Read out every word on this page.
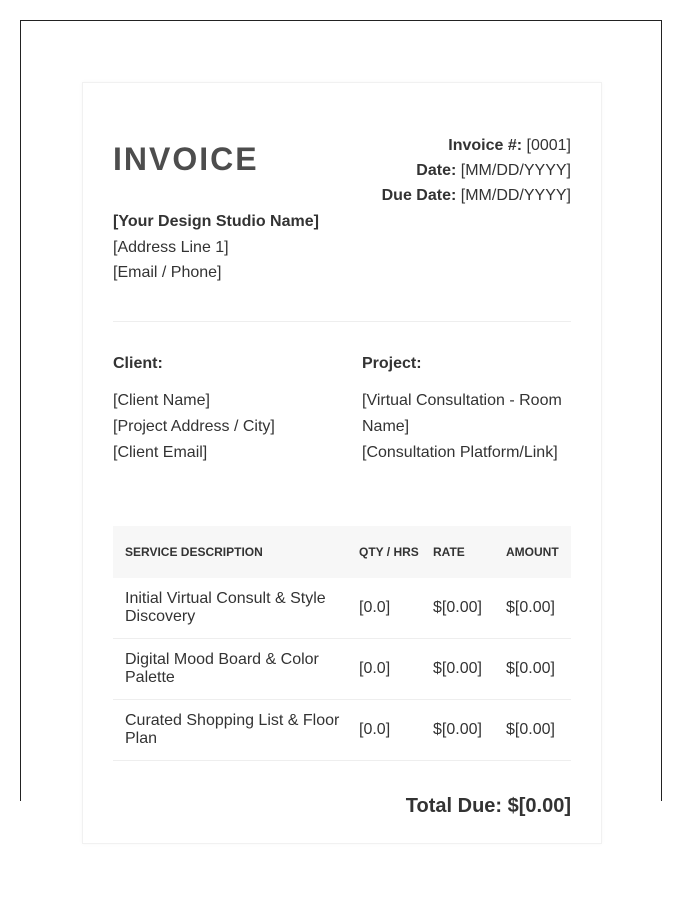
INVOICE	Invoice #: [0001]
Date: [MM/DD/YYYY]
Due Date: [MM/DD/YYYY]
[Your Design Studio Name]
[Address Line 1]
[Email / Phone]
Client:
[Client Name]
[Project Address / City]
[Client Email]
Project:
[Virtual Consultation - Room Name]
[Consultation Platform/Link]
SERVICE DESCRIPTION	QTY / HRS	RATE	AMOUNT
Initial Virtual Consult & Style Discovery	[0.0]	$[0.00]	$[0.00]
Digital Mood Board & Color Palette	[0.0]	$[0.00]	$[0.00]
Curated Shopping List & Floor Plan	[0.0]	$[0.00]	$[0.00]
Total Due: $[0.00]
